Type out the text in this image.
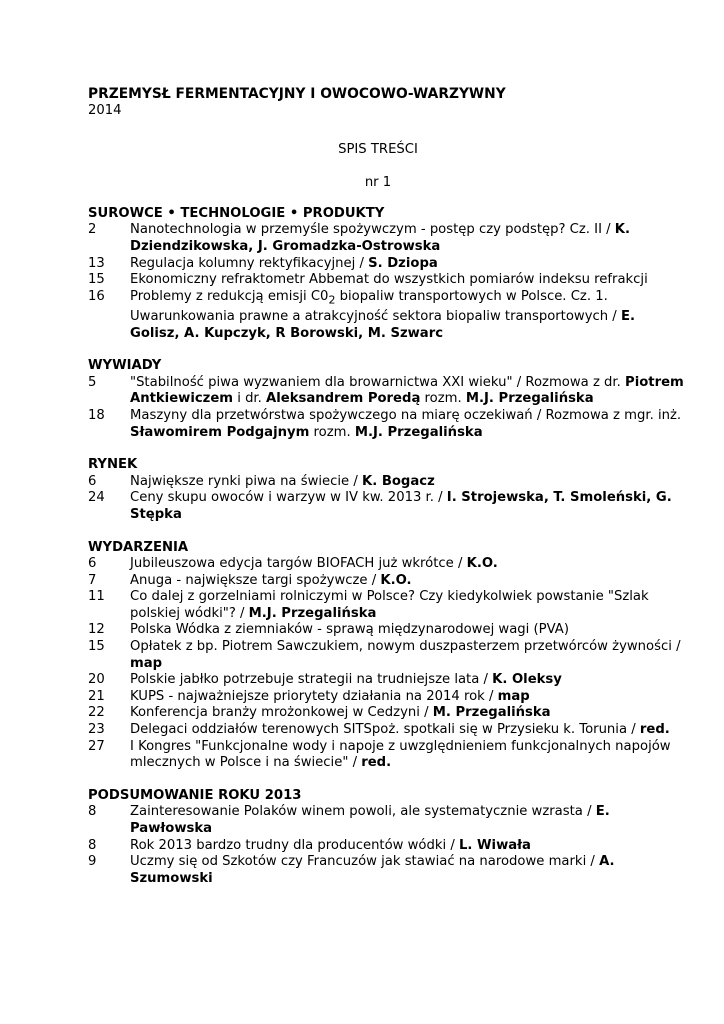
PRZEMYSŁ FERMENTACYJNY I OWOCOWO-WARZYWNY
2014
SPIS TREŚCI
nr 1
SUROWCE • TECHNOLOGIE • PRODUKTY
2	Nanotechnologia w przemyśle spożywczym - postęp czy podstęp? Cz. II / K. Dziendzikowska, J. Gromadzka-Ostrowska
13	Regulacja kolumny rektyfikacyjnej / S. Dziopa
15	Ekonomiczny refraktometr Abbemat do wszystkich pomiarów indeksu refrakcji
16	Problemy z redukcją emisji $C0_2$ biopaliw transportowych w Polsce. Cz. 1. Uwarunkowania prawne a atrakcyjność sektora biopaliw transportowych / E. Golisz, A. Kupczyk, R Borowski, M. Szwarc
WYWIADY
5	"Stabilność piwa wyzwaniem dla browarnictwa XXI wieku" / Rozmowa z dr. Piotrem Antkiewiczem i dr. Aleksandrem Poredą rozm. M.J. Przegalińska
18	Maszyny dla przetwórstwa spożywczego na miarę oczekiwań / Rozmowa z mgr. inż. Sławomirem Podgajnym rozm. M.J. Przegalińska
RYNEK
6	Największe rynki piwa na świecie / K. Bogacz
24	Ceny skupu owoców i warzyw w IV kw. 2013 r. / I. Strojewska, T. Smoleński, G. Stępka
WYDARZENIA
6	Jubileuszowa edycja targów BIOFACH już wkrótce / K.O.
7	Anuga - największe targi spożywcze / K.O.
11	Co dalej z gorzelniami rolniczymi w Polsce? Czy kiedykolwiek powstanie "Szlak polskiej wódki"? / M.J. Przegalińska
12	Polska Wódka z ziemniaków - sprawą międzynarodowej wagi (PVA)
15	Opłatek z bp. Piotrem Sawczukiem, nowym duszpasterzem przetwórców żywności / map
20	Polskie jabłko potrzebuje strategii na trudniejsze lata / K. Oleksy
21	KUPS - najważniejsze priorytety działania na 2014 rok / map
22	Konferencja branży mrożonkowej w Cedzyni / M. Przegalińska
23	Delegaci oddziałów terenowych SITSpoż. spotkali się w Przysieku k. Torunia / red.
27	I Kongres "Funkcjonalne wody i napoje z uwzględnieniem funkcjonalnych napojów mlecznych w Polsce i na świecie" / red.
PODSUMOWANIE ROKU 2013
8	Zainteresowanie Polaków winem powoli, ale systematycznie wzrasta / E. Pawłowska
8	Rok 2013 bardzo trudny dla producentów wódki / L. Wiwała
9	Uczmy się od Szkotów czy Francuzów jak stawiać na narodowe marki / A. Szumowski
